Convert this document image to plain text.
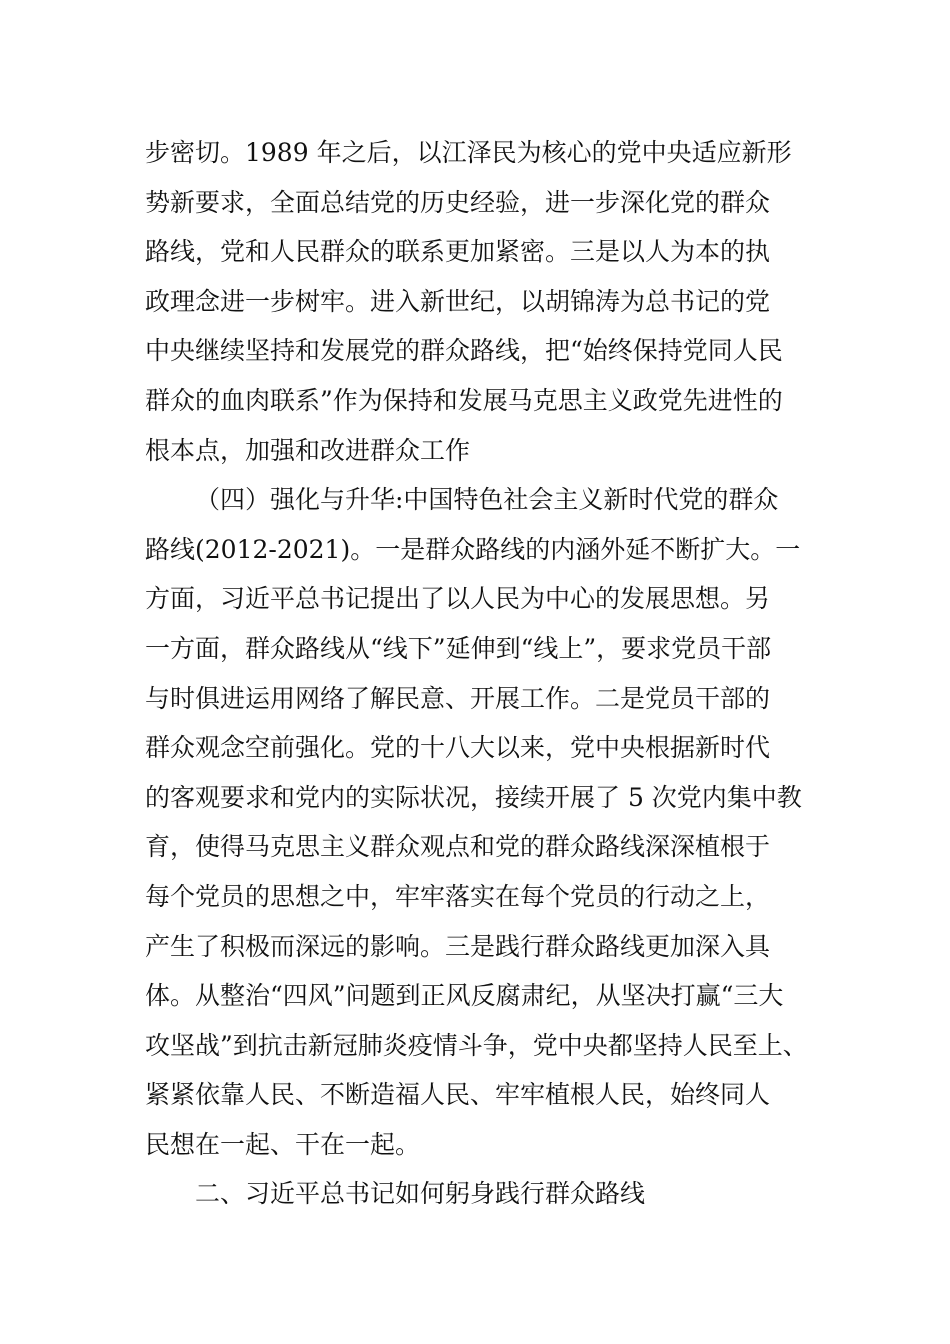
步密切。1989 年之后，以江泽民为核心的党中央适应新形
势新要求，全面总结党的历史经验，进一步深化党的群众
路线，党和人民群众的联系更加紧密。三是以人为本的执
政理念进一步树牢。进入新世纪，以胡锦涛为总书记的党
中央继续坚持和发展党的群众路线，把“始终保持党同人民
群众的血肉联系”作为保持和发展马克思主义政党先进性的
根本点，加强和改进群众工作
（四）强化与升华:中国特色社会主义新时代党的群众
路线(2012-2021)。一是群众路线的内涵外延不断扩大。一
方面，习近平总书记提出了以人民为中心的发展思想。另
一方面，群众路线从“线下”延伸到“线上”，要求党员干部
与时俱进运用网络了解民意、开展工作。二是党员干部的
群众观念空前强化。党的十八大以来，党中央根据新时代
的客观要求和党内的实际状况，接续开展了 5 次党内集中教
育，使得马克思主义群众观点和党的群众路线深深植根于
每个党员的思想之中，牢牢落实在每个党员的行动之上，
产生了积极而深远的影响。三是践行群众路线更加深入具
体。从整治“四风”问题到正风反腐肃纪，从坚决打赢“三大
攻坚战”到抗击新冠肺炎疫情斗争，党中央都坚持人民至上、
紧紧依靠人民、不断造福人民、牢牢植根人民，始终同人
民想在一起、干在一起。
二、习近平总书记如何躬身践行群众路线
